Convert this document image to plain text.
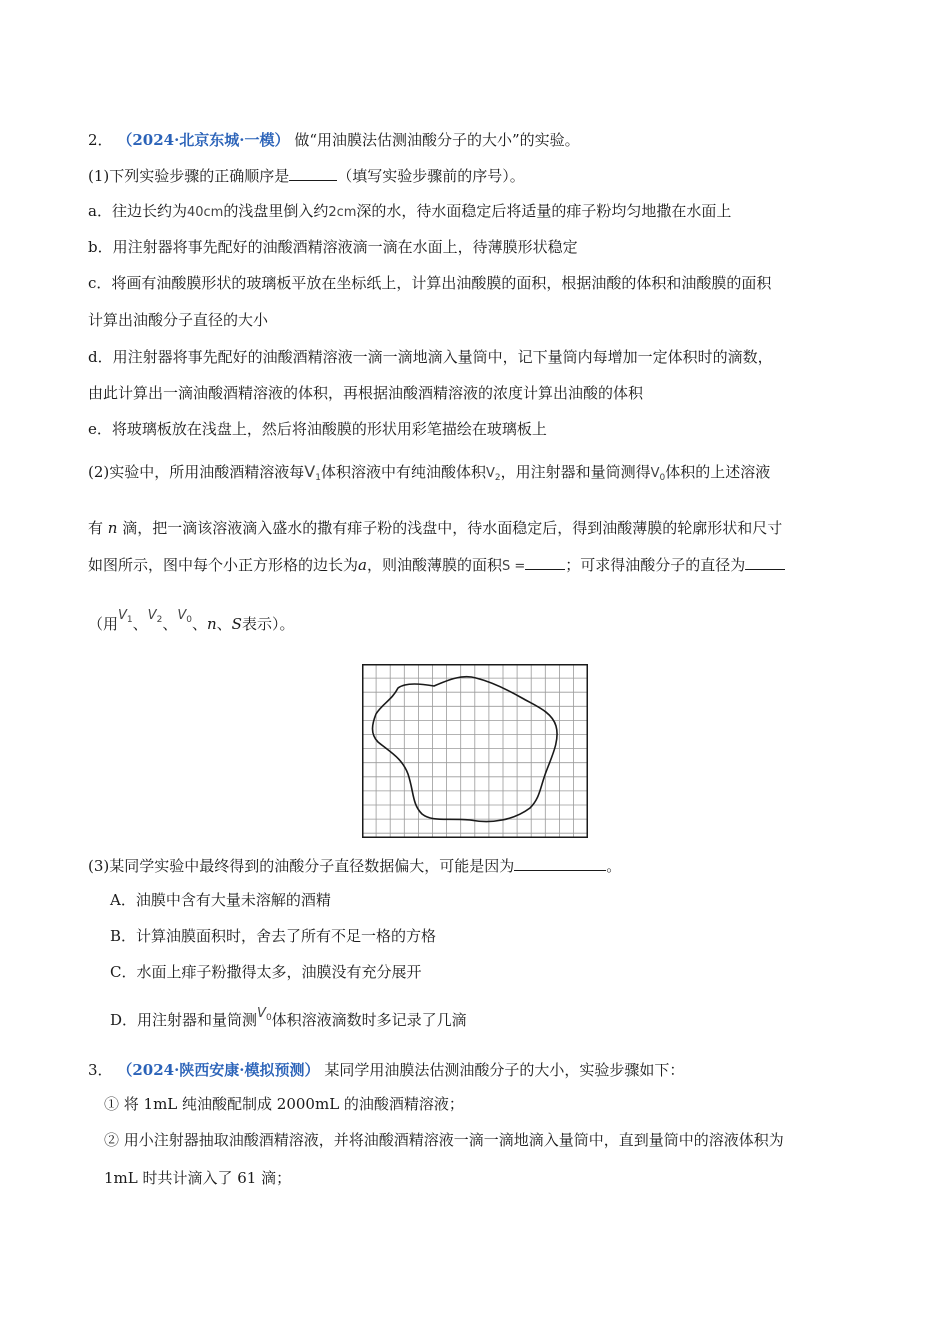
2． （2024·北京东城·一模） 做“用油膜法估测油酸分子的大小”的实验。
(1)下列实验步骤的正确顺序是	（填写实验步骤前的序号）。
a．往边长约为40cm的浅盘里倒入约2cm深的水，待水面稳定后将适量的痱子粉均匀地撒在水面上
b．用注射器将事先配好的油酸酒精溶液滴一滴在水面上，待薄膜形状稳定
c．将画有油酸膜形状的玻璃板平放在坐标纸上，计算出油酸膜的面积，根据油酸的体积和油酸膜的面积
计算出油酸分子直径的大小
d．用注射器将事先配好的油酸酒精溶液一滴一滴地滴入量筒中，记下量筒内每增加一定体积时的滴数，
由此计算出一滴油酸酒精溶液的体积，再根据油酸酒精溶液的浓度计算出油酸的体积
e．将玻璃板放在浅盘上，然后将油酸膜的形状用彩笔描绘在玻璃板上
(2)实验中，所用油酸酒精溶液每$V_1$体积溶液中有纯油酸体积$V_2$，用注射器和量筒测得$V_0$体积的上述溶液
有 n 滴，把一滴该溶液滴入盛水的撒有痱子粉的浅盘中，待水面稳定后，得到油酸薄膜的轮廓形状和尺寸
如图所示，图中每个小正方形格的边长为a，则油酸薄膜的面积S =	；可求得油酸分子的直径为
（用$V_1$、$V_2$、$V_0$、n、S表示）。
(3)某同学实验中最终得到的油酸分子直径数据偏大，可能是因为	。
A．油膜中含有大量未溶解的酒精
B．计算油膜面积时，舍去了所有不足一格的方格
C．水面上痱子粉撒得太多，油膜没有充分展开
D．用注射器和量筒测$V_0$体积溶液滴数时多记录了几滴
3． （2024·陕西安康·模拟预测） 某同学用油膜法估测油酸分子的大小，实验步骤如下：
① 将 1mL 纯油酸配制成 2000mL 的油酸酒精溶液；
② 用小注射器抽取油酸酒精溶液，并将油酸酒精溶液一滴一滴地滴入量筒中，直到量筒中的溶液体积为
1mL 时共计滴入了 61 滴；
